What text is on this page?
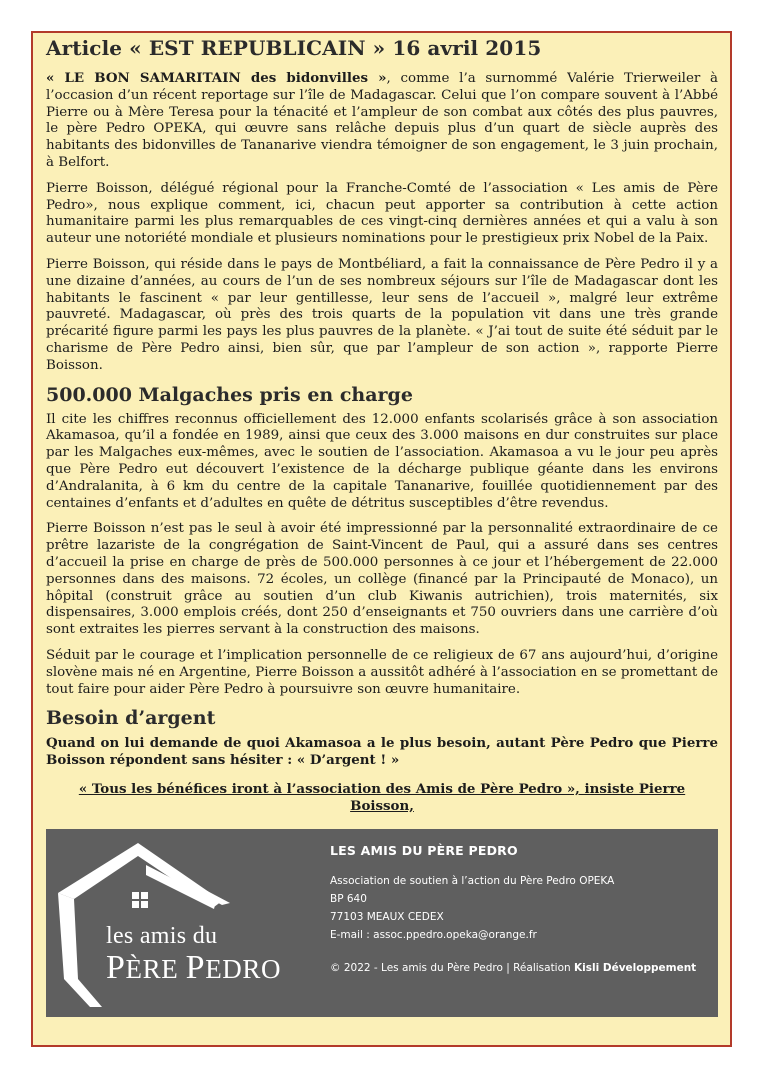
Article « EST REPUBLICAIN » 16 avril 2015

« LE BON SAMARITAIN des bidonvilles », comme l’a surnommé Valérie Trierweiler à l’occasion d’un récent reportage sur l’île de Madagascar. Celui que l’on compare souvent à l’Abbé Pierre ou à Mère Teresa pour la ténacité et l’ampleur de son combat aux côtés des plus pauvres, le père Pedro OPEKA, qui œuvre sans relâche depuis plus d’un quart de siècle auprès des habitants des bidonvilles de Tananarive viendra témoigner de son engagement, le 3 juin prochain, à Belfort.

Pierre Boisson, délégué régional pour la Franche-Comté de l’association « Les amis de Père Pedro», nous explique comment, ici, chacun peut apporter sa contribution à cette action humanitaire parmi les plus remarquables de ces vingt-cinq dernières années et qui a valu à son auteur une notoriété mondiale et plusieurs nominations pour le prestigieux prix Nobel de la Paix.

Pierre Boisson, qui réside dans le pays de Montbéliard, a fait la connaissance de Père Pedro il y a une dizaine d’années, au cours de l’un de ses nombreux séjours sur l’île de Madagascar dont les habitants le fascinent « par leur gentillesse, leur sens de l’accueil », malgré leur extrême pauvreté. Madagascar, où près des trois quarts de la population vit dans une très grande précarité figure parmi les pays les plus pauvres de la planète. « J’ai tout de suite été séduit par le charisme de Père Pedro ainsi, bien sûr, que par l’ampleur de son action », rapporte Pierre Boisson.

500.000 Malgaches pris en charge

Il cite les chiffres reconnus officiellement des 12.000 enfants scolarisés grâce à son association Akamasoa, qu’il a fondée en 1989, ainsi que ceux des 3.000 maisons en dur construites sur place par les Malgaches eux-mêmes, avec le soutien de l’association. Akamasoa a vu le jour peu après que Père Pedro eut découvert l’existence de la décharge publique géante dans les environs d’Andralanita, à 6 km du centre de la capitale Tananarive, fouillée quotidiennement par des centaines d’enfants et d’adultes en quête de détritus susceptibles d’être revendus.

Pierre Boisson n’est pas le seul à avoir été impressionné par la personnalité extraordinaire de ce prêtre lazariste de la congrégation de Saint-Vincent de Paul, qui a assuré dans ses centres d’accueil la prise en charge de près de 500.000 personnes à ce jour et l’hébergement de 22.000 personnes dans des maisons. 72 écoles, un collège (financé par la Principauté de Monaco), un hôpital (construit grâce au soutien d’un club Kiwanis autrichien), trois maternités, six dispensaires, 3.000 emplois créés, dont 250 d’enseignants et 750 ouvriers dans une carrière d’où sont extraites les pierres servant à la construction des maisons.

Séduit par le courage et l’implication personnelle de ce religieux de 67 ans aujourd’hui, d’origine slovène mais né en Argentine, Pierre Boisson a aussitôt adhéré à l’association en se promettant de tout faire pour aider Père Pedro à poursuivre son œuvre humanitaire.

Besoin d’argent

Quand on lui demande de quoi Akamasoa a le plus besoin, autant Père Pedro que Pierre Boisson répondent sans hésiter : « D’argent ! »

« Tous les bénéfices iront à l’association des Amis de Père Pedro », insiste Pierre Boisson,

les amis du
PÈRE PEDRO
LES AMIS DU PÈRE PEDRO
Association de soutien à l’action du Père Pedro OPEKA
BP 640
77103 MEAUX CEDEX
E-mail : assoc.ppedro.opeka@orange.fr
© 2022 - Les amis du Père Pedro | Réalisation Kisli Développement
